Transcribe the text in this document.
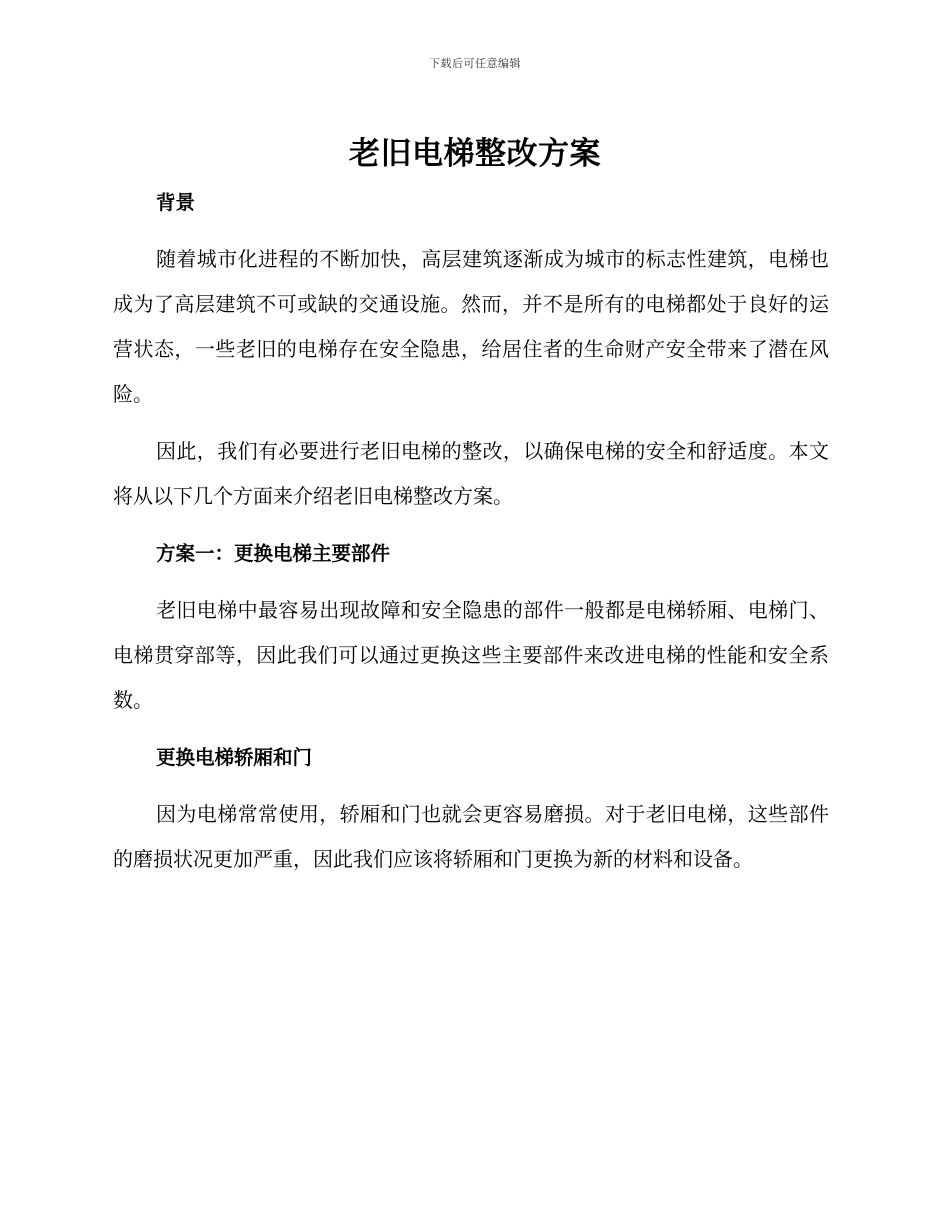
下载后可任意编辑
老旧电梯整改方案

背景

随着城市化进程的不断加快，高层建筑逐渐成为城市的标志性建筑，电梯也成为了高层建筑不可或缺的交通设施。然而，并不是所有的电梯都处于良好的运营状态，一些老旧的电梯存在安全隐患，给居住者的生命财产安全带来了潜在风险。

因此，我们有必要进行老旧电梯的整改，以确保电梯的安全和舒适度。本文将从以下几个方面来介绍老旧电梯整改方案。

方案一：更换电梯主要部件

老旧电梯中最容易出现故障和安全隐患的部件一般都是电梯轿厢、电梯门、电梯贯穿部等，因此我们可以通过更换这些主要部件来改进电梯的性能和安全系数。

更换电梯轿厢和门

因为电梯常常使用，轿厢和门也就会更容易磨损。对于老旧电梯，这些部件的磨损状况更加严重，因此我们应该将轿厢和门更换为新的材料和设备。
